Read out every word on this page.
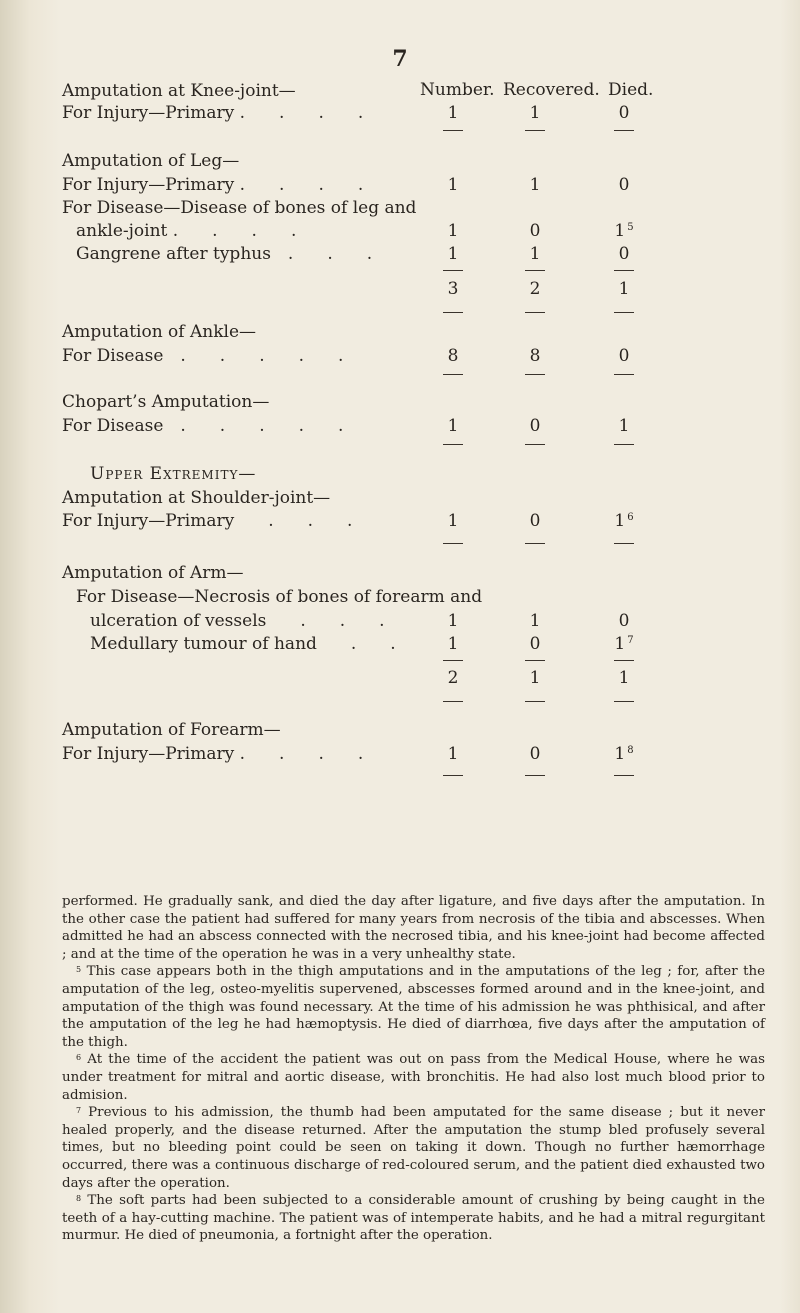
7
Number. Recovered. Died.
Amputation at Knee-joint—
For Injury—Primary .  .  .  .	1	1	0
Amputation of Leg—
For Injury—Primary .  .  .  .	1	1	0
For Disease—Disease of bones of leg and
ankle-joint .  .  .  .	1	0	1 $^5$
Gangrene after typhus .  .  .	1	1	0
3	2	1
Amputation of Ankle—
For Disease .  .  .  .  .	8	8	0
Chopart’s Amputation—
For Disease .  .  .  .  .	1	0	1
Upper Extremity—
Amputation at Shoulder-joint—
For Injury—Primary  .  .  .	1	0	1 $^6$
Amputation of Arm—
For Disease—Necrosis of bones of forearm and
ulceration of vessels  .  .  .	1	1	0
Medullary tumour of hand  .  .	1	0	1 $^7$
2	1	1
Amputation of Forearm—
For Injury—Primary .  .  .  .	1	0	1 $^8$

performed. He gradually sank, and died the day after ligature, and five days after the amputation. In the other case the patient had suffered for many years from necrosis of the tibia and abscesses. When admitted he had an abscess connected with the necrosed tibia, and his knee-joint had become affected ; and at the time of the operation he was in a very unhealthy state.

$^5$ This case appears both in the thigh amputations and in the amputations of the leg ; for, after the amputation of the leg, osteo-myelitis supervened, abscesses formed around and in the knee-joint, and amputation of the thigh was found necessary. At the time of his admission he was phthisical, and after the amputation of the leg he had hæmoptysis. He died of diarrhœa, five days after the amputation of the thigh.

$^6$ At the time of the accident the patient was out on pass from the Medical House, where he was under treatment for mitral and aortic disease, with bronchitis. He had also lost much blood prior to admision.

$^7$ Previous to his admission, the thumb had been amputated for the same disease ; but it never healed properly, and the disease returned. After the amputation the stump bled profusely several times, but no bleeding point could be seen on taking it down. Though no further hæmorrhage occurred, there was a continuous discharge of red-coloured serum, and the patient died exhausted two days after the operation.

$^8$ The soft parts had been subjected to a considerable amount of crushing by being caught in the teeth of a hay-cutting machine. The patient was of intemperate habits, and he had a mitral regurgitant murmur. He died of pneumonia, a fortnight after the operation.
